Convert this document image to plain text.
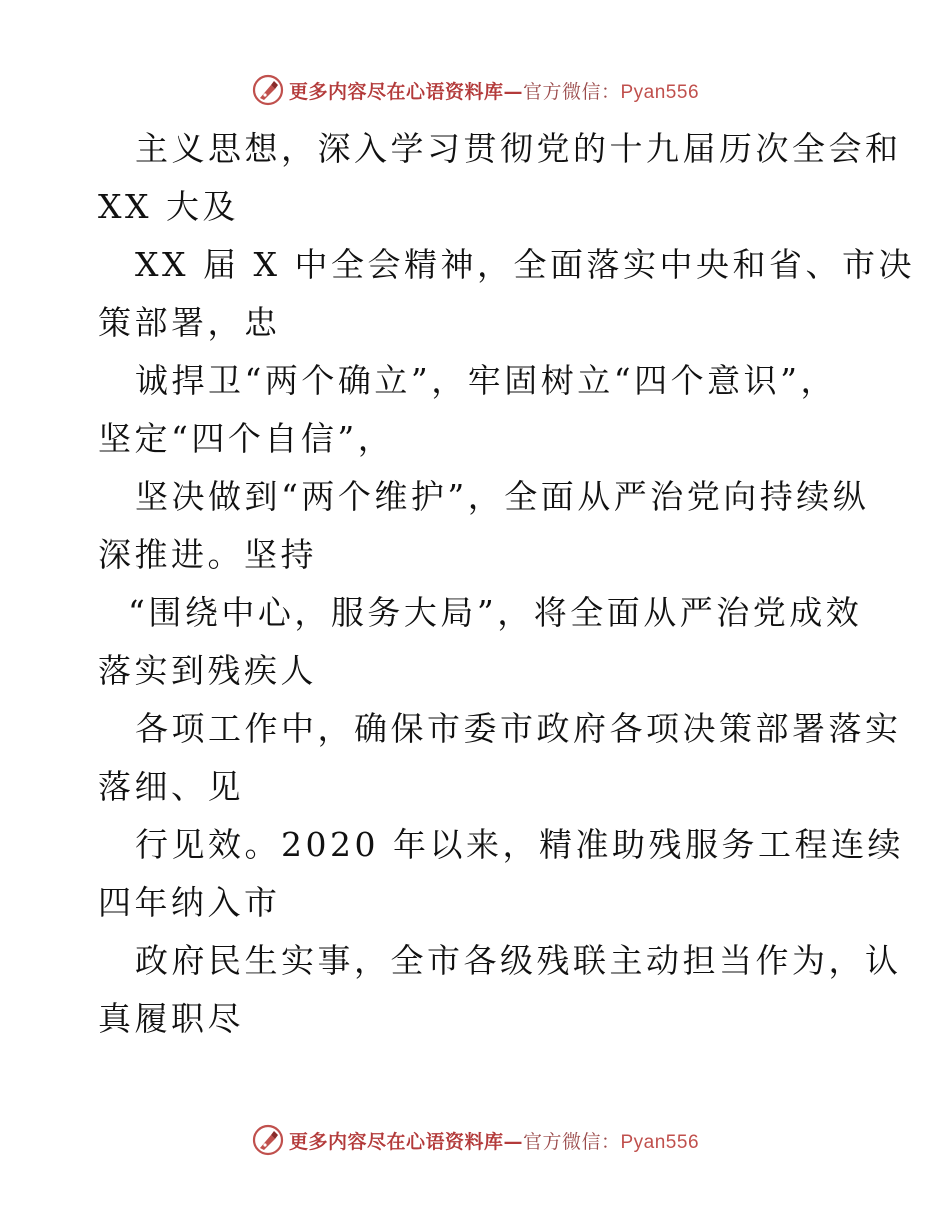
更多内容尽在心语资料库—官方微信：Pyan556
主义思想，深入学习贯彻党的十九届历次全会和
XX 大及
XX 届 X 中全会精神，全面落实中央和省、市决
策部署，忠
诚捍卫“两个确立”，牢固树立“四个意识”，
坚定“四个自信”，
坚决做到“两个维护”，全面从严治党向持续纵
深推进。坚持
“围绕中心，服务大局”，将全面从严治党成效
落实到残疾人
各项工作中，确保市委市政府各项决策部署落实
落细、见
行见效。2020 年以来，精准助残服务工程连续
四年纳入市
政府民生实事，全市各级残联主动担当作为，认
真履职尽
更多内容尽在心语资料库—官方微信：Pyan556
